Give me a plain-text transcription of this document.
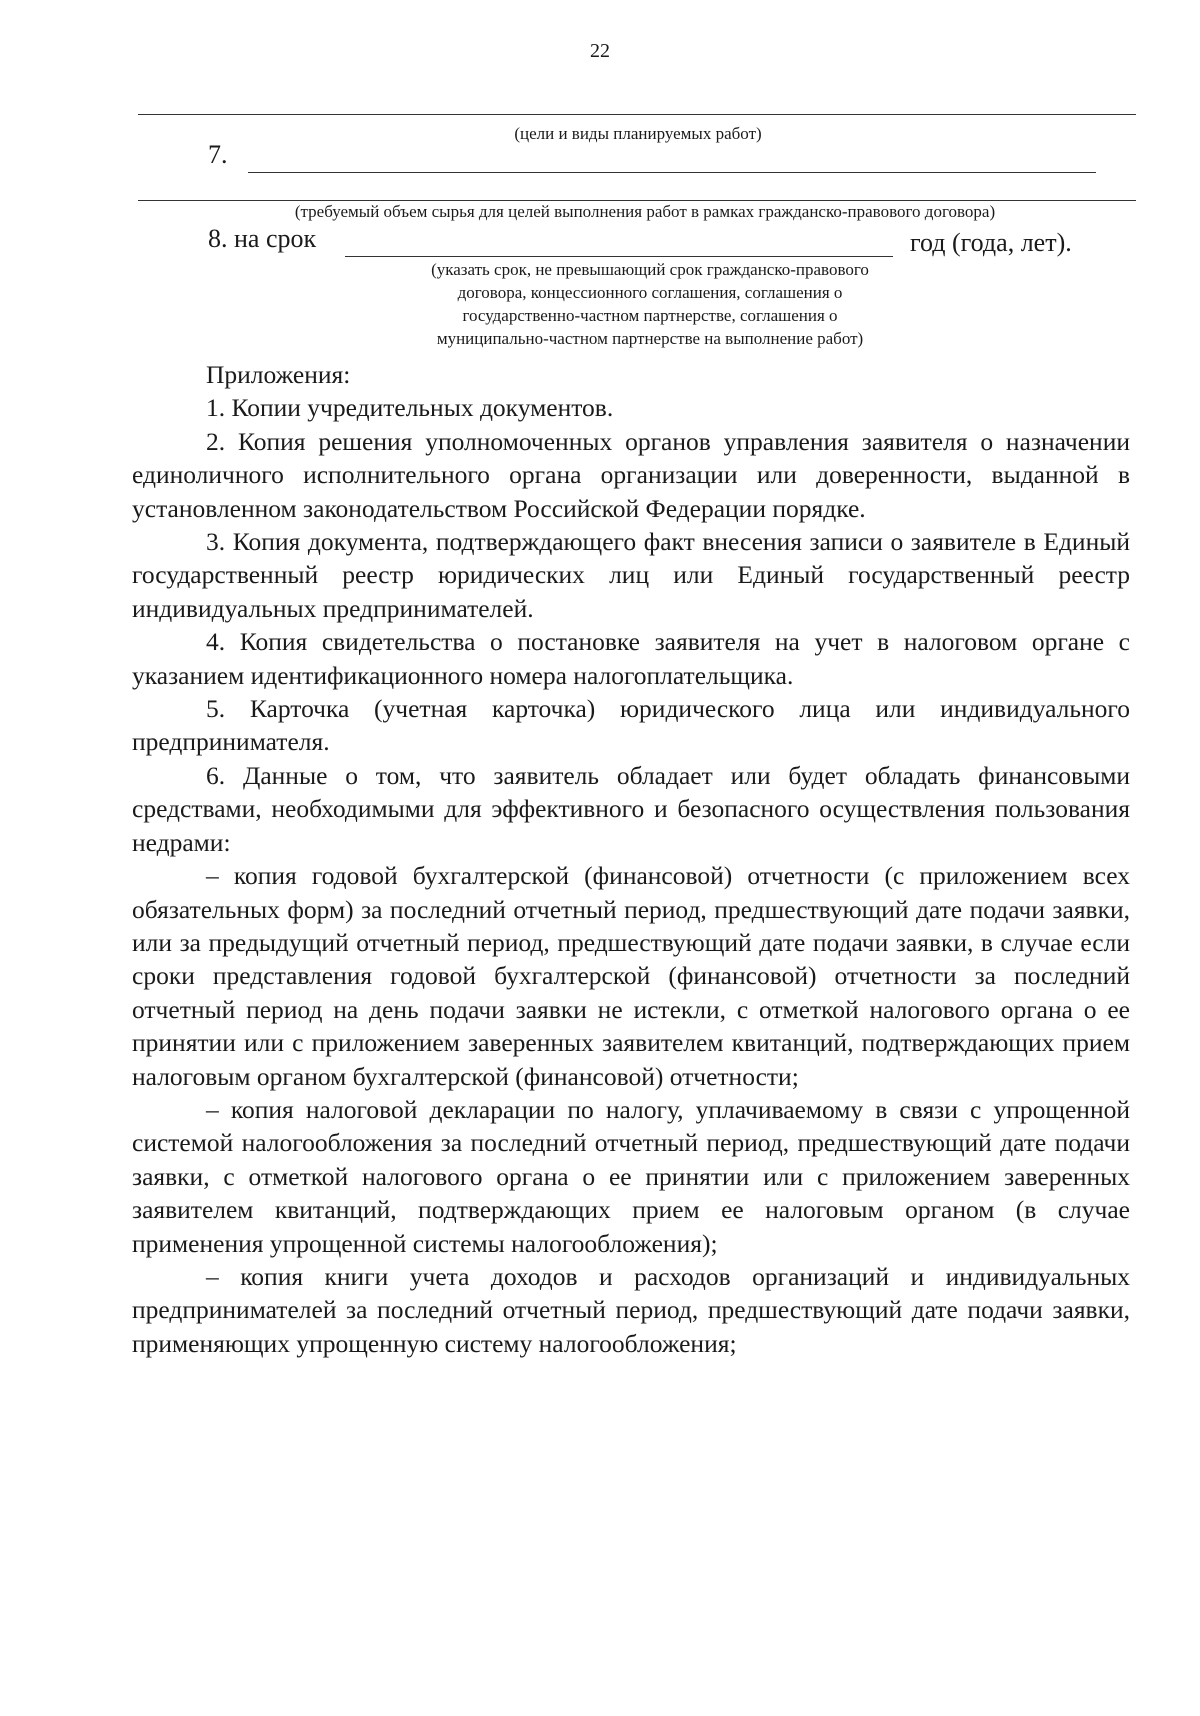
22
(цели и виды планируемых работ)
7.
(требуемый объем сырья для целей выполнения работ в рамках гражданско-правового договора)
8. на срок	год (года, лет).
(указать срок, не превышающий срок гражданско-правового
договора, концессионного соглашения, соглашения о
государственно-частном партнерстве, соглашения о
муниципально-частном партнерстве на выполнение работ)

Приложения:

1. Копии учредительных документов.

2. Копия решения уполномоченных органов управления заявителя о назначении единоличного исполнительного органа организации или доверенности, выданной в установленном законодательством Российской Федерации порядке.

3. Копия документа, подтверждающего факт внесения записи о заявителе в Единый государственный реестр юридических лиц или Единый государственный реестр индивидуальных предпринимателей.

4. Копия свидетельства о постановке заявителя на учет в налоговом органе с указанием идентификационного номера налогоплательщика.

5. Карточка (учетная карточка) юридического лица или индивидуального предпринимателя.

6. Данные о том, что заявитель обладает или будет обладать финансовыми средствами, необходимыми для эффективного и безопасного осуществления пользования недрами:

– копия годовой бухгалтерской (финансовой) отчетности (с приложением всех обязательных форм) за последний отчетный период, предшествующий дате подачи заявки, или за предыдущий отчетный период, предшествующий дате подачи заявки, в случае если сроки представления годовой бухгалтерской (финансовой) отчетности за последний отчетный период на день подачи заявки не истекли, с отметкой налогового органа о ее принятии или с приложением заверенных заявителем квитанций, подтверждающих прием налоговым органом бухгалтерской (финансовой) отчетности;

– копия налоговой декларации по налогу, уплачиваемому в связи с упрощенной системой налогообложения за последний отчетный период, предшествующий дате подачи заявки, с отметкой налогового органа о ее принятии или с приложением заверенных заявителем квитанций, подтверждающих прием ее налоговым органом (в случае применения упрощенной системы налогообложения);

– копия книги учета доходов и расходов организаций и индивидуальных предпринимателей за последний отчетный период, предшествующий дате подачи заявки, применяющих упрощенную систему налогообложения;
